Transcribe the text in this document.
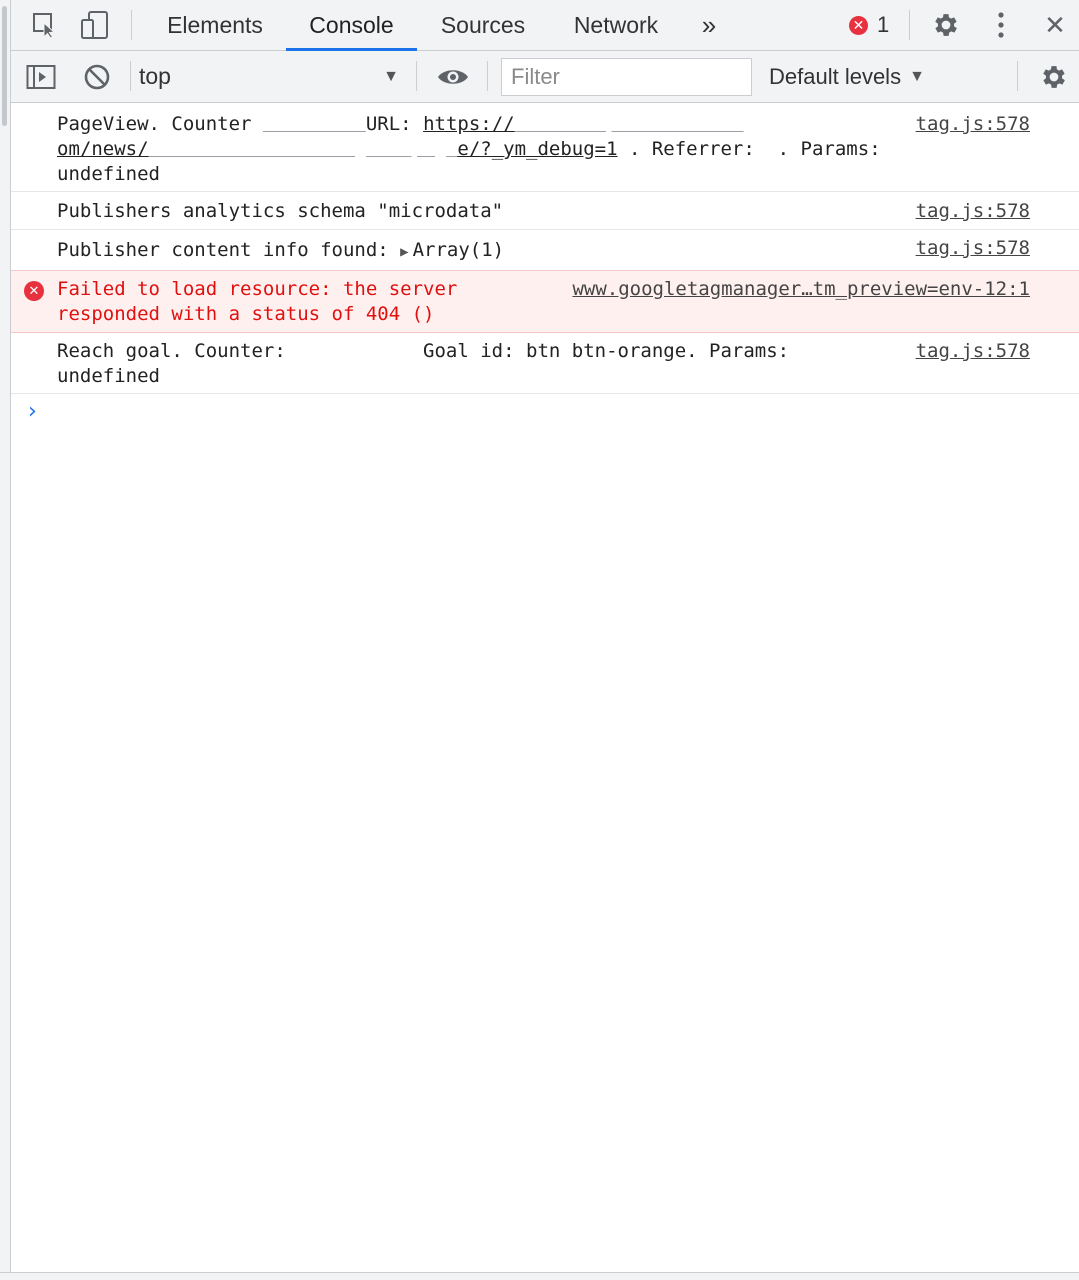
Elements	Console	Sources	Network	»	✕ 1	✕
top	▼
Filter	Default levels ▼
PageView. Counter	URL: https://
om/news/	e/?_ym_debug=1 . Referrer:  . Params:
undefined
tag.js:578
Publishers analytics schema "microdata"	tag.js:578
Publisher content info found: ▶ Array(1)	tag.js:578
✕ Failed to load resource: the server
responded with a status of 404 ()
www.googletagmanager…tm_preview=env-12:1
Reach goal. Counter:	Goal id: btn btn-orange. Params:
undefined
tag.js:578
›
